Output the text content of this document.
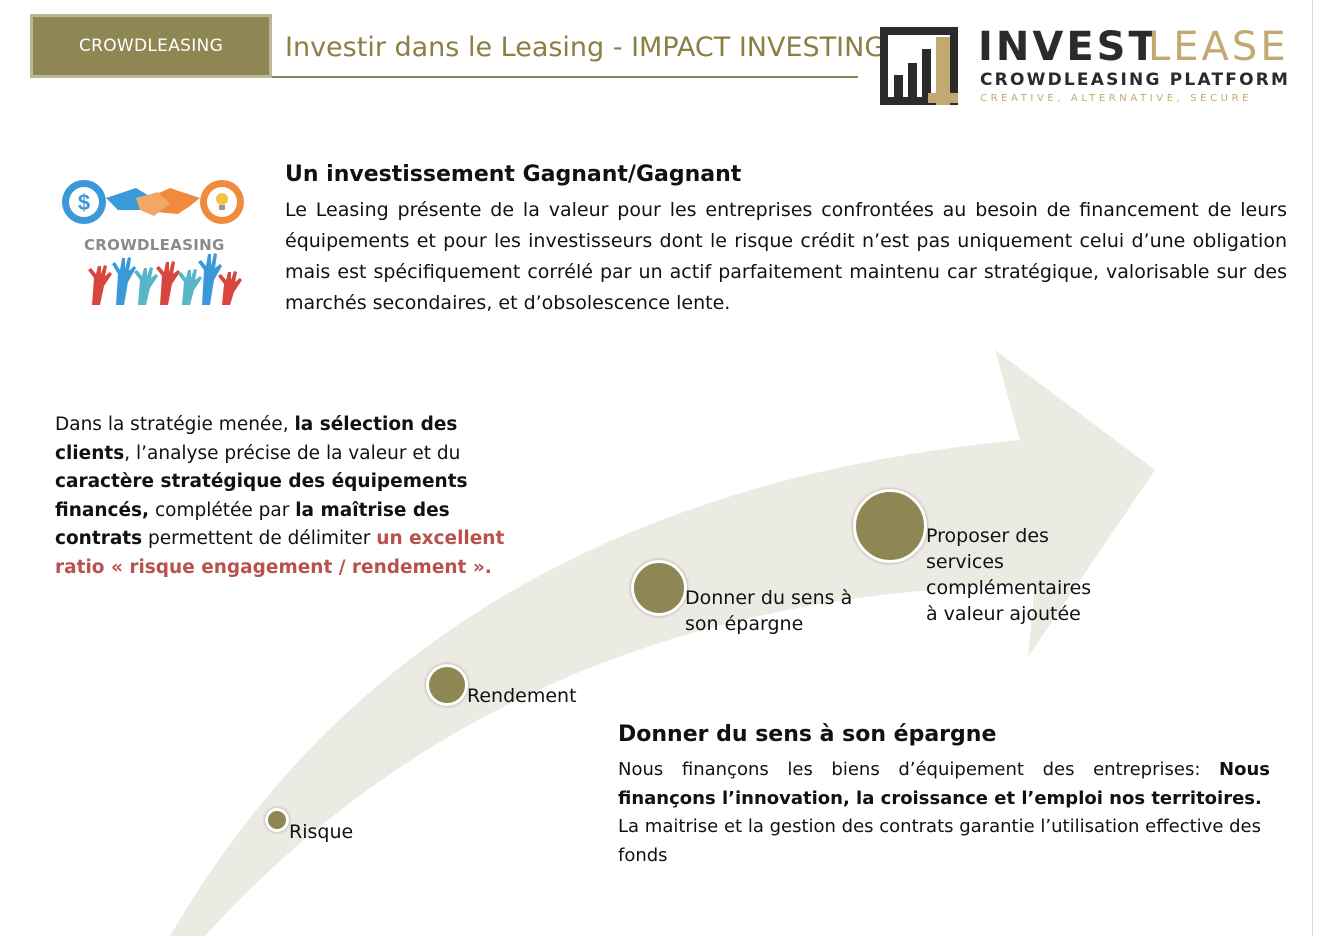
CROWDLEASING Investir dans le Leasing - IMPACT INVESTING INVEST
LEASE
CROWDLEASING PLATFORM
CREATIVE, ALTERNATIVE, SECURE
$
CROWDLEASING
Un investissement Gagnant/Gagnant
Le Leasing présente de la valeur pour les entreprises confrontées au besoin de financement de leurs équipements et pour les investisseurs dont le risque crédit n’est pas uniquement celui d’une obligation mais est spécifiquement corrélé par un actif parfaitement maintenu car stratégique, valorisable sur des marchés secondaires, et d’obsolescence lente.
Dans la stratégie menée, la sélection des clients, l’analyse précise de la valeur et du caractère stratégique des équipements financés, complétée par la maîtrise des contrats permettent de délimiter un excellent ratio « risque engagement / rendement ».
Risque
Rendement
Donner du sens à son épargne
Proposer des services complémentaires à valeur ajoutée
Donner du sens à son épargne

Nous finançons les biens d’équipement des entreprises: Nous finançons l’innovation, la croissance et l’emploi nos territoires.

La maitrise et la gestion des contrats garantie l’utilisation effective des fonds
